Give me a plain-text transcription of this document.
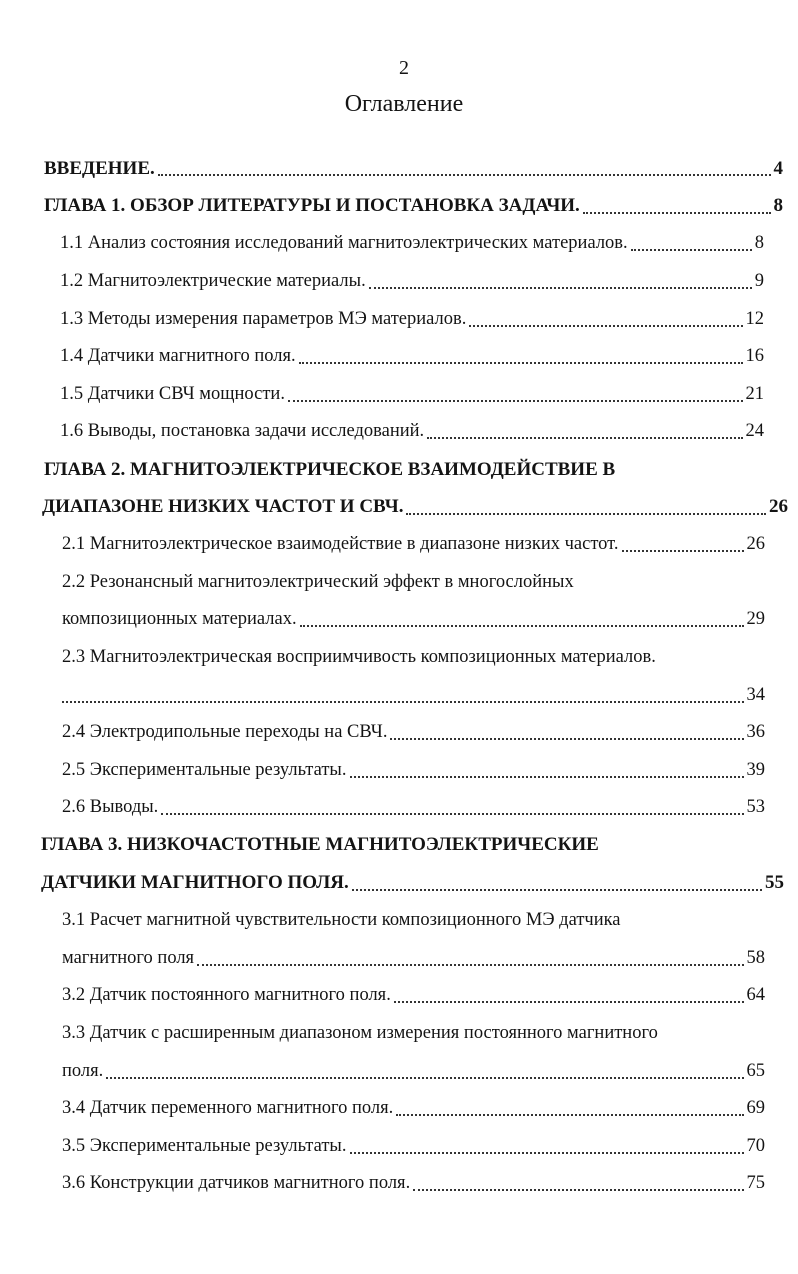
2
Оглавление
ВВЕДЕНИЕ.	4
ГЛАВА 1. ОБЗОР ЛИТЕРАТУРЫ И ПОСТАНОВКА ЗАДАЧИ.	8
1.1 Анализ состояния исследований магнитоэлектрических материалов.	8
1.2 Магнитоэлектрические материалы.	9
1.3 Методы измерения параметров МЭ материалов.	12
1.4 Датчики магнитного поля.	16
1.5 Датчики СВЧ мощности.	21
1.6 Выводы, постановка задачи исследований.	24
ГЛАВА 2. МАГНИТОЭЛЕКТРИЧЕСКОЕ ВЗАИМОДЕЙСТВИЕ В
ДИАПАЗОНЕ НИЗКИХ ЧАСТОТ И СВЧ.	26
2.1 Магнитоэлектрическое взаимодействие в диапазоне низких частот.	26
2.2 Резонансный магнитоэлектрический эффект в многослойных
композиционных материалах.	29
2.3 Магнитоэлектрическая восприимчивость композиционных материалов.
34
2.4 Электродипольные переходы на СВЧ.	36
2.5 Экспериментальные результаты.	39
2.6 Выводы.	53
ГЛАВА 3. НИЗКОЧАСТОТНЫЕ МАГНИТОЭЛЕКТРИЧЕСКИЕ
ДАТЧИКИ МАГНИТНОГО ПОЛЯ.	55
3.1 Расчет магнитной чувствительности композиционного МЭ датчика
магнитного поля	58
3.2 Датчик постоянного магнитного поля.	64
3.3 Датчик с расширенным диапазоном измерения постоянного магнитного
поля.	65
3.4 Датчик переменного магнитного поля.	69
3.5 Экспериментальные результаты.	70
3.6 Конструкции датчиков магнитного поля.	75
